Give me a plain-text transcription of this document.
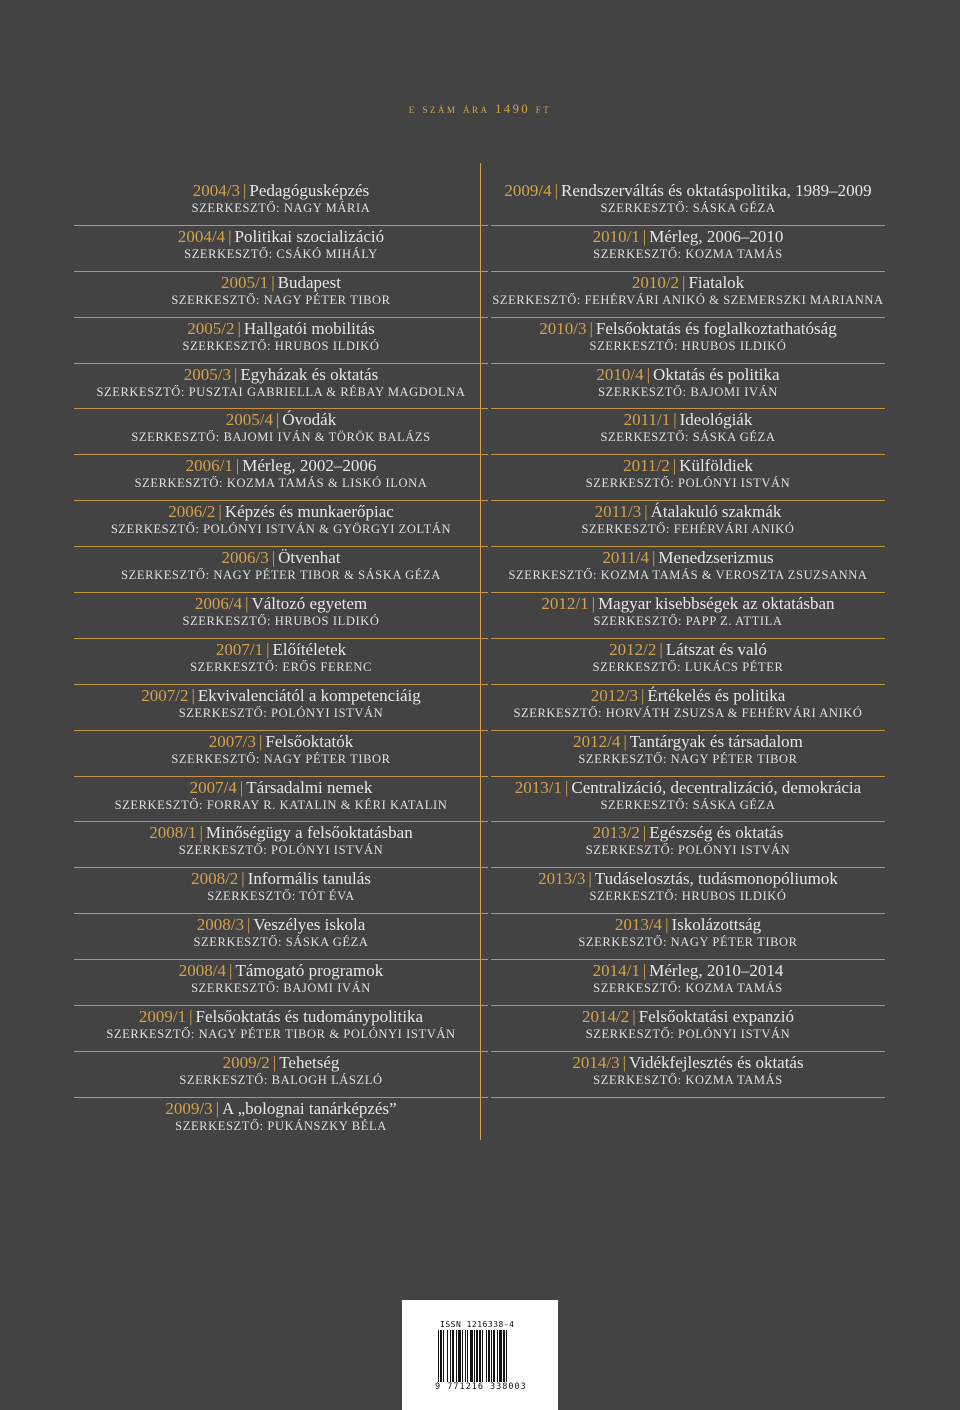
e szám ára 1490 ft
2004/3 | Pedagógusképzés
SZERKESZTŐ: NAGY MÁRIA
2004/4 | Politikai szocializáció
SZERKESZTŐ: CSÁKÓ MIHÁLY
2005/1 | Budapest
SZERKESZTŐ: NAGY PÉTER TIBOR
2005/2 | Hallgatói mobilitás
SZERKESZTŐ: HRUBOS ILDIKÓ
2005/3 | Egyházak és oktatás
SZERKESZTŐ: PUSZTAI GABRIELLA & RÉBAY MAGDOLNA
2005/4 | Óvodák
SZERKESZTŐ: BAJOMI IVÁN & TÖRÖK BALÁZS
2006/1 | Mérleg, 2002–2006
SZERKESZTŐ: KOZMA TAMÁS & LISKÓ ILONA
2006/2 | Képzés és munkaerőpiac
SZERKESZTŐ: POLÓNYI ISTVÁN & GYÖRGYI ZOLTÁN
2006/3 | Ötvenhat
SZERKESZTŐ: NAGY PÉTER TIBOR & SÁSKA GÉZA
2006/4 | Változó egyetem
SZERKESZTŐ: HRUBOS ILDIKÓ
2007/1 | Előítéletek
SZERKESZTŐ: ERŐS FERENC
2007/2 | Ekvivalenciától a kompetenciáig
SZERKESZTŐ: POLÓNYI ISTVÁN
2007/3 | Felsőoktatók
SZERKESZTŐ: NAGY PÉTER TIBOR
2007/4 | Társadalmi nemek
SZERKESZTŐ: FORRAY R. KATALIN & KÉRI KATALIN
2008/1 | Minőségügy a felsőoktatásban
SZERKESZTŐ: POLÓNYI ISTVÁN
2008/2 | Informális tanulás
SZERKESZTŐ: TÓT ÉVA
2008/3 | Veszélyes iskola
SZERKESZTŐ: SÁSKA GÉZA
2008/4 | Támogató programok
SZERKESZTŐ: BAJOMI IVÁN
2009/1 | Felsőoktatás és tudománypolitika
SZERKESZTŐ: NAGY PÉTER TIBOR & POLÓNYI ISTVÁN
2009/2 | Tehetség
SZERKESZTŐ: BALOGH LÁSZLÓ
2009/3 | A „bolognai tanárképzés”
SZERKESZTŐ: PUKÁNSZKY BÉLA
2009/4 | Rendszerváltás és oktatáspolitika, 1989–2009
SZERKESZTŐ: SÁSKA GÉZA
2010/1 | Mérleg, 2006–2010
SZERKESZTŐ: KOZMA TAMÁS
2010/2 | Fiatalok
SZERKESZTŐ: FEHÉRVÁRI ANIKÓ & SZEMERSZKI MARIANNA
2010/3 | Felsőoktatás és foglalkoztathatóság
SZERKESZTŐ: HRUBOS ILDIKÓ
2010/4 | Oktatás és politika
SZERKESZTŐ: BAJOMI IVÁN
2011/1 | Ideológiák
SZERKESZTŐ: SÁSKA GÉZA
2011/2 | Külföldiek
SZERKESZTŐ: POLÓNYI ISTVÁN
2011/3 | Átalakuló szakmák
SZERKESZTŐ: FEHÉRVÁRI ANIKÓ
2011/4 | Menedzserizmus
SZERKESZTŐ: KOZMA TAMÁS & VEROSZTA ZSUZSANNA
2012/1 | Magyar kisebbségek az oktatásban
SZERKESZTŐ: PAPP Z. ATTILA
2012/2 | Látszat és való
SZERKESZTŐ: LUKÁCS PÉTER
2012/3 | Értékelés és politika
SZERKESZTŐ: HORVÁTH ZSUZSA & FEHÉRVÁRI ANIKÓ
2012/4 | Tantárgyak és társadalom
SZERKESZTŐ: NAGY PÉTER TIBOR
2013/1 | Centralizáció, decentralizáció, demokrácia
SZERKESZTŐ: SÁSKA GÉZA
2013/2 | Egészség és oktatás
SZERKESZTŐ: POLÓNYI ISTVÁN
2013/3 | Tudáselosztás, tudásmonopóliumok
SZERKESZTŐ: HRUBOS ILDIKÓ
2013/4 | Iskolázottság
SZERKESZTŐ: NAGY PÉTER TIBOR
2014/1 | Mérleg, 2010–2014
SZERKESZTŐ: KOZMA TAMÁS
2014/2 | Felsőoktatási expanzió
SZERKESZTŐ: POLÓNYI ISTVÁN
2014/3 | Vidékfejlesztés és oktatás
SZERKESZTŐ: KOZMA TAMÁS
ISSN 1216338-4
9 771216 338003
